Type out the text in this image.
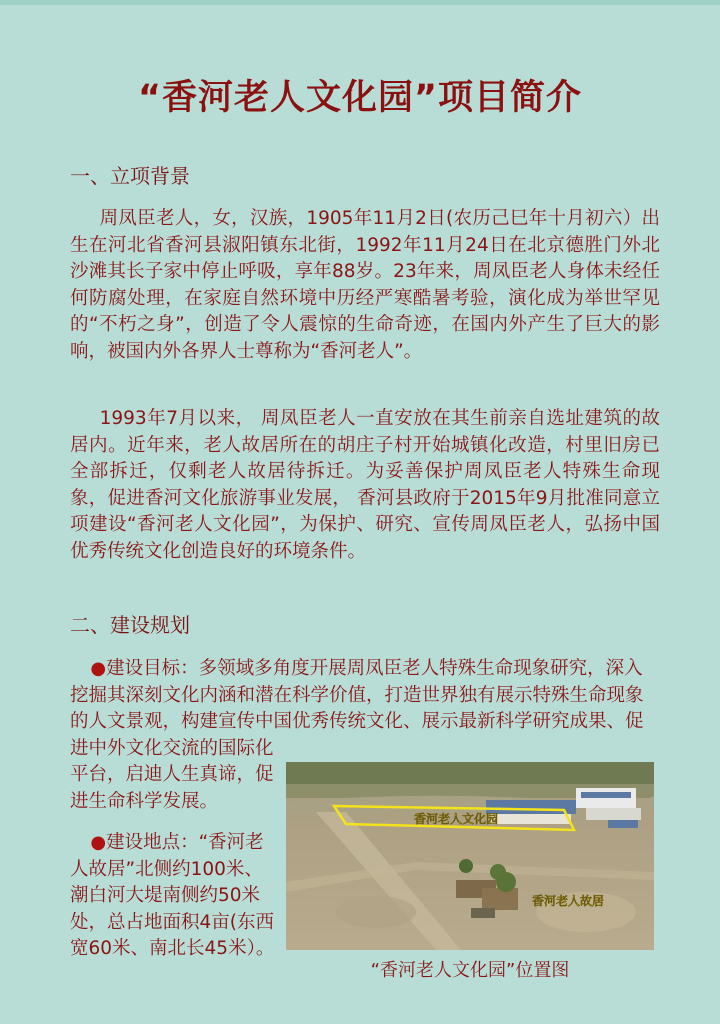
“香河老人文化园”项目简介
一、立项背景
周凤臣老人，女，汉族，1905年11月2日(农历己巳年十月初六）出生在河北省香河县淑阳镇东北街，1992年11月24日在北京德胜门外北沙滩其长子家中停止呼吸，享年88岁。23年来，周凤臣老人身体未经任何防腐处理，在家庭自然环境中历经严寒酷暑考验，演化成为举世罕见的“不朽之身”，创造了令人震惊的生命奇迹，在国内外产生了巨大的影响，被国内外各界人士尊称为“香河老人”。
1993年7月以来， 周凤臣老人一直安放在其生前亲自选址建筑的故居内。近年来，老人故居所在的胡庄子村开始城镇化改造，村里旧房已全部拆迁，仅剩老人故居待拆迁。为妥善保护周凤臣老人特殊生命现象，促进香河文化旅游事业发展， 香河县政府于2015年9月批准同意立项建设“香河老人文化园”，为保护、研究、宣传周凤臣老人，弘扬中国优秀传统文化创造良好的环境条件。
二、建设规划
●建设目标：多领域多角度开展周凤臣老人特殊生命现象研究，深入挖掘其深刻文化内涵和潜在科学价值，打造世界独有展示特殊生命现象的人文景观，构建宣传中国优秀传统文化、展示最新科学研究成果、促进中外文化交流的国际化
平台，启迪人生真谛，促进生命科学发展。
●建设地点：“香河老人故居”北侧约100米、 潮白河大堤南侧约50米处，总占地面积4亩(东西宽60米、南北长45米）。
香河老人文化园
香河老人故居
“香河老人文化园”位置图
